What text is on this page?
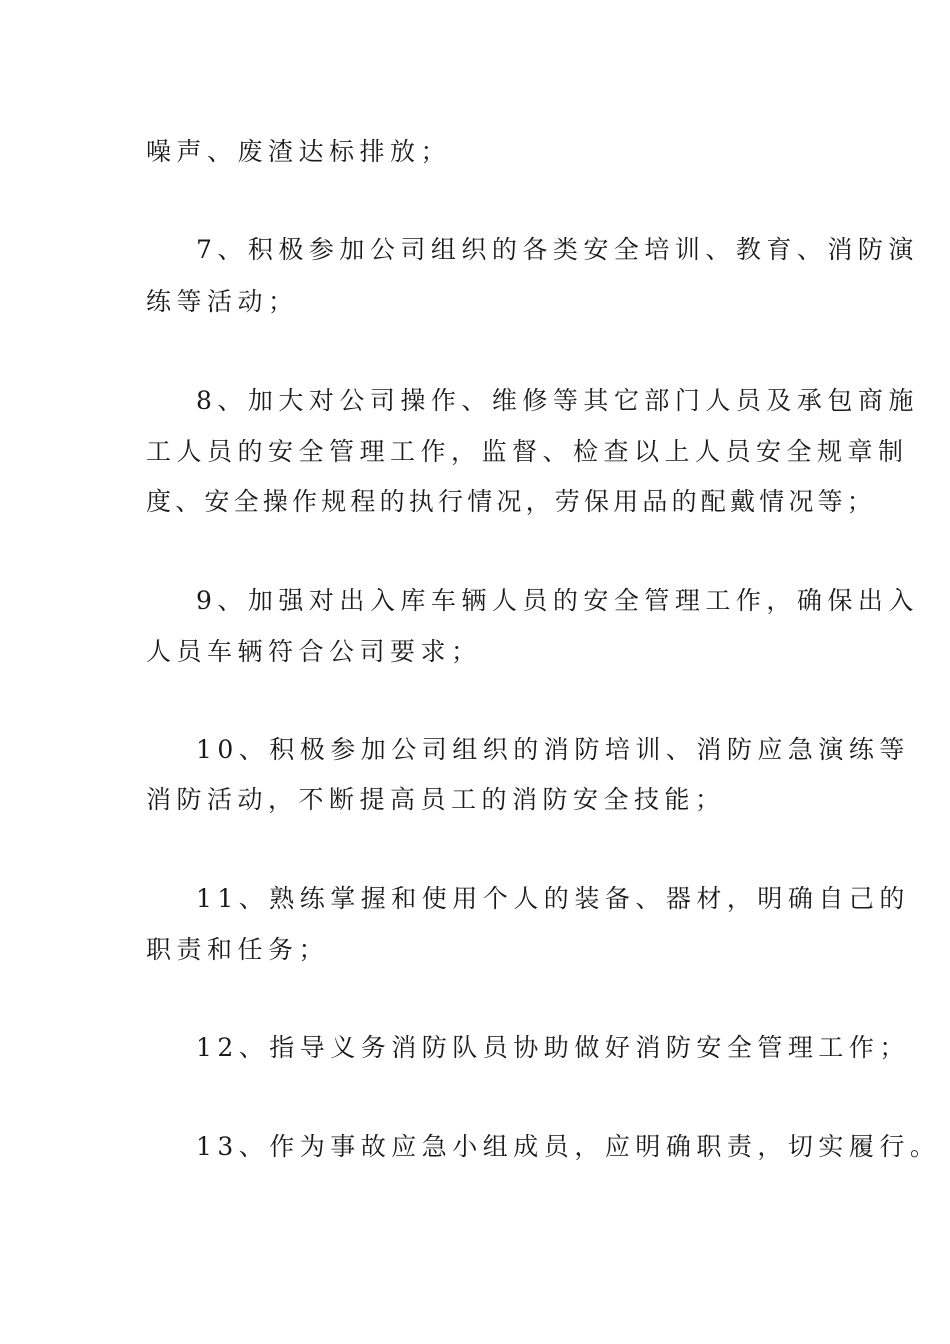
噪声、废渣达标排放；
7、积极参加公司组织的各类安全培训、教育、消防演
练等活动；
8、加大对公司操作、维修等其它部门人员及承包商施
工人员的安全管理工作，监督、检查以上人员安全规章制
度、安全操作规程的执行情况，劳保用品的配戴情况等；
9、加强对出入库车辆人员的安全管理工作，确保出入
人员车辆符合公司要求；
10、积极参加公司组织的消防培训、消防应急演练等
消防活动，不断提高员工的消防安全技能；
11、熟练掌握和使用个人的装备、器材，明确自己的
职责和任务；
12、指导义务消防队员协助做好消防安全管理工作；
13、作为事故应急小组成员，应明确职责，切实履行。
